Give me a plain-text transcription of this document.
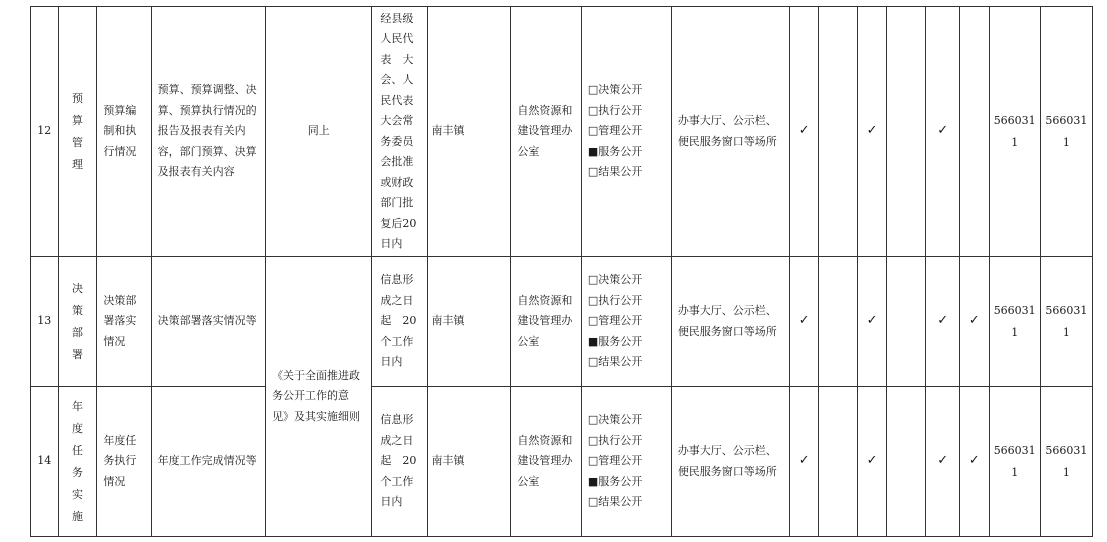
12	预算管理	预算编制和执行情况	预算、预算调整、决算、预算执行情况的报告及报表有关内容，部门预算、决算及报表有关内容	同上	经县级人民代表　大会、人民代表大会常务委员会批准或财政部门批复后20日内	南丰镇	自然资源和建设管理办公室	□决策公开
□执行公开
□管理公开
■服务公开
□结果公开	办事大厅、公示栏、便民服务窗口等场所	✓		✓		✓		5660311	5660311
13	决策部署	决策部署落实情况	决策部署落实情况等	《关于全面推进政务公开工作的意见》及其实施细则	信息形成之日起　20个工作日内	南丰镇	自然资源和建设管理办公室	□决策公开
□执行公开
□管理公开
■服务公开
□结果公开	办事大厅、公示栏、便民服务窗口等场所	✓		✓		✓	✓	5660311	5660311
14	年度任务实施	年度任务执行情况	年度工作完成情况等		信息形成之日起　20个工作日内	南丰镇	自然资源和建设管理办公室	□决策公开
□执行公开
□管理公开
■服务公开
□结果公开	办事大厅、公示栏、便民服务窗口等场所	✓		✓		✓	✓	5660311	5660311
